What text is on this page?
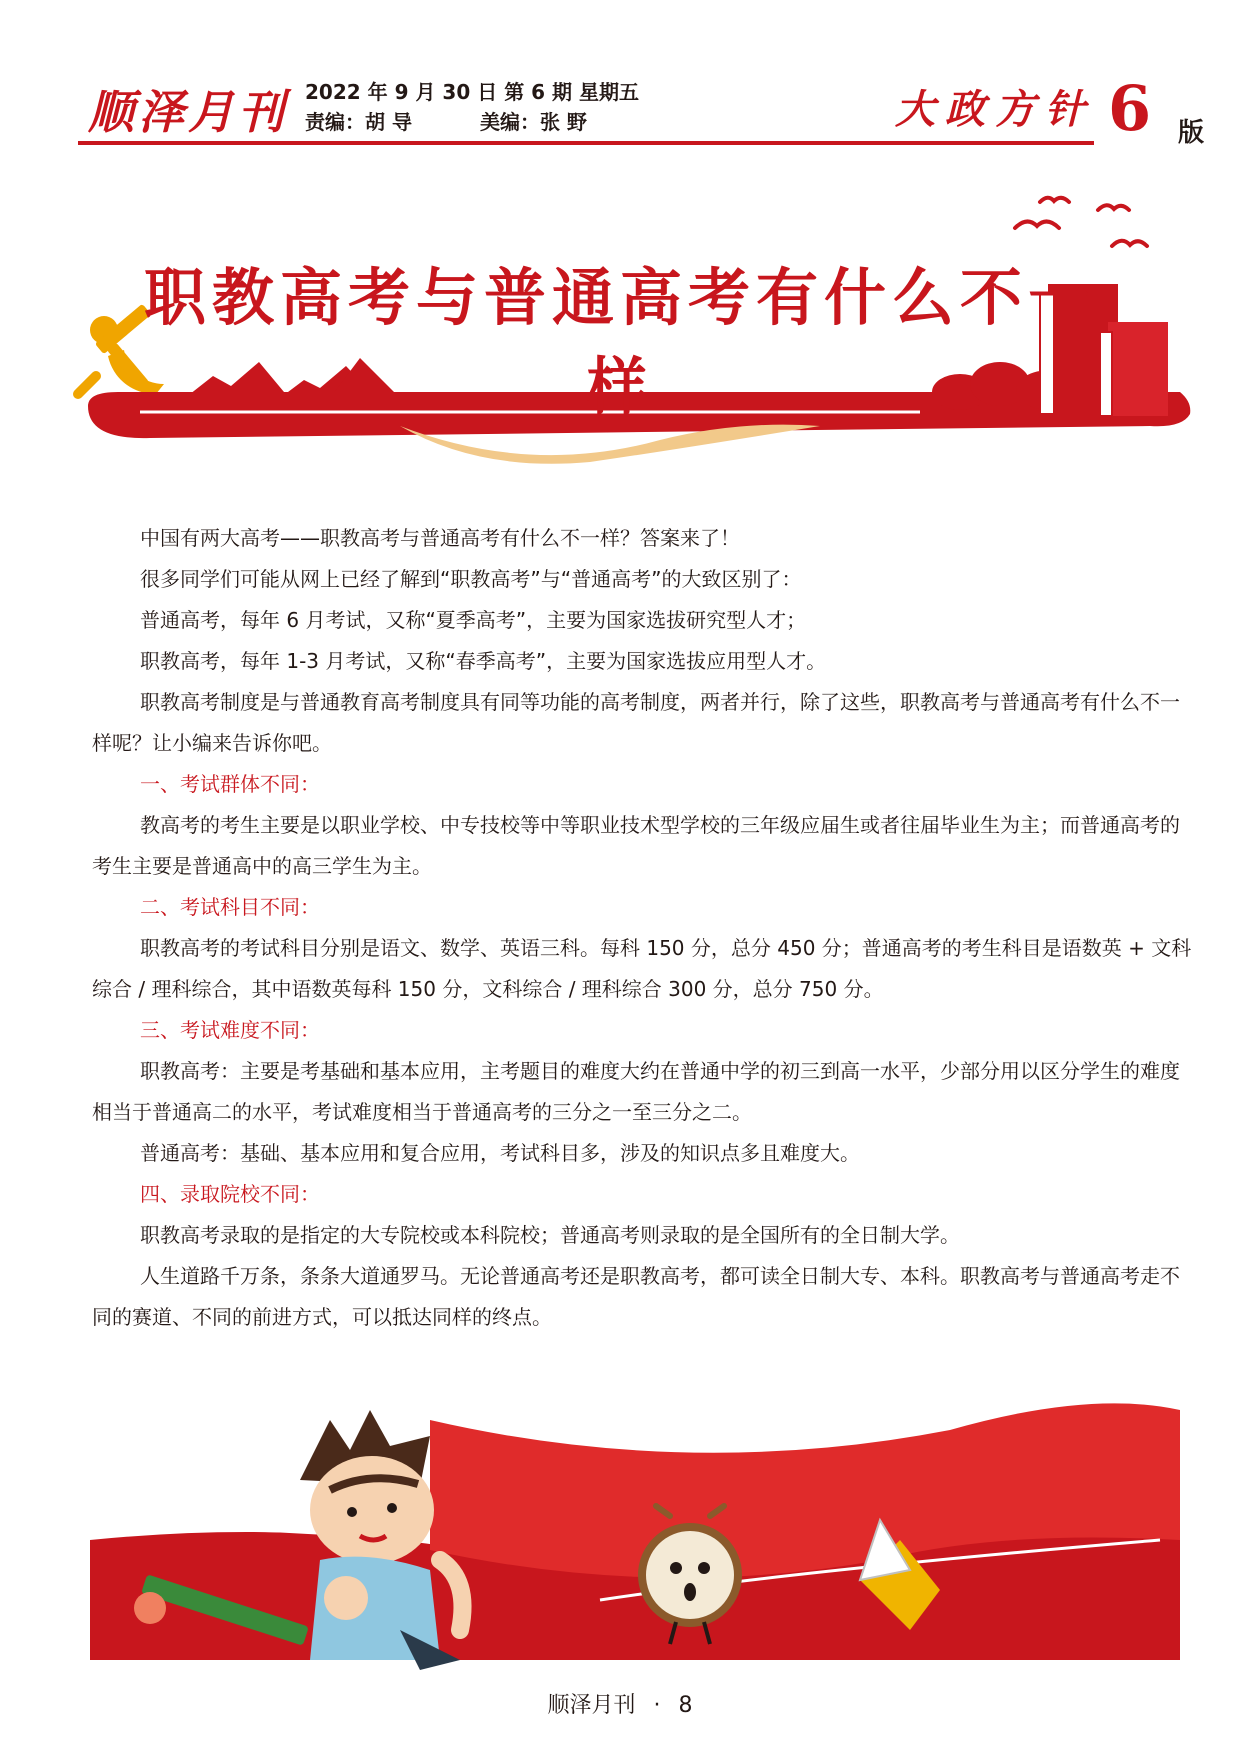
顺泽月刊 2022 年 9 月 30 日 第 6 期 星期五
责编：胡 导	美编：张 野	大政方针 6 版
职教高考与普通高考有什么不一样

中国有两大高考——职教高考与普通高考有什么不一样？答案来了！

很多同学们可能从网上已经了解到“职教高考”与“普通高考”的大致区别了：

普通高考，每年 6 月考试，又称“夏季高考”，主要为国家选拔研究型人才；

职教高考，每年 1-3 月考试，又称“春季高考”，主要为国家选拔应用型人才。

职教高考制度是与普通教育高考制度具有同等功能的高考制度，两者并行，除了这些，职教高考与普通高考有什么不一样呢？让小编来告诉你吧。

一、考试群体不同：

教高考的考生主要是以职业学校、中专技校等中等职业技术型学校的三年级应届生或者往届毕业生为主；而普通高考的考生主要是普通高中的高三学生为主。

二、考试科目不同：

职教高考的考试科目分别是语文、数学、英语三科。每科 150 分，总分 450 分；普通高考的考生科目是语数英 + 文科综合 / 理科综合，其中语数英每科 150 分，文科综合 / 理科综合 300 分，总分 750 分。

三、考试难度不同：

职教高考：主要是考基础和基本应用，主考题目的难度大约在普通中学的初三到高一水平，少部分用以区分学生的难度相当于普通高二的水平，考试难度相当于普通高考的三分之一至三分之二。

普通高考：基础、基本应用和复合应用，考试科目多，涉及的知识点多且难度大。

四、录取院校不同：

职教高考录取的是指定的大专院校或本科院校；普通高考则录取的是全国所有的全日制大学。

人生道路千万条，条条大道通罗马。无论普通高考还是职教高考，都可读全日制大专、本科。职教高考与普通高考走不同的赛道、不同的前进方式，可以抵达同样的终点。

顺泽月刊 · 8
